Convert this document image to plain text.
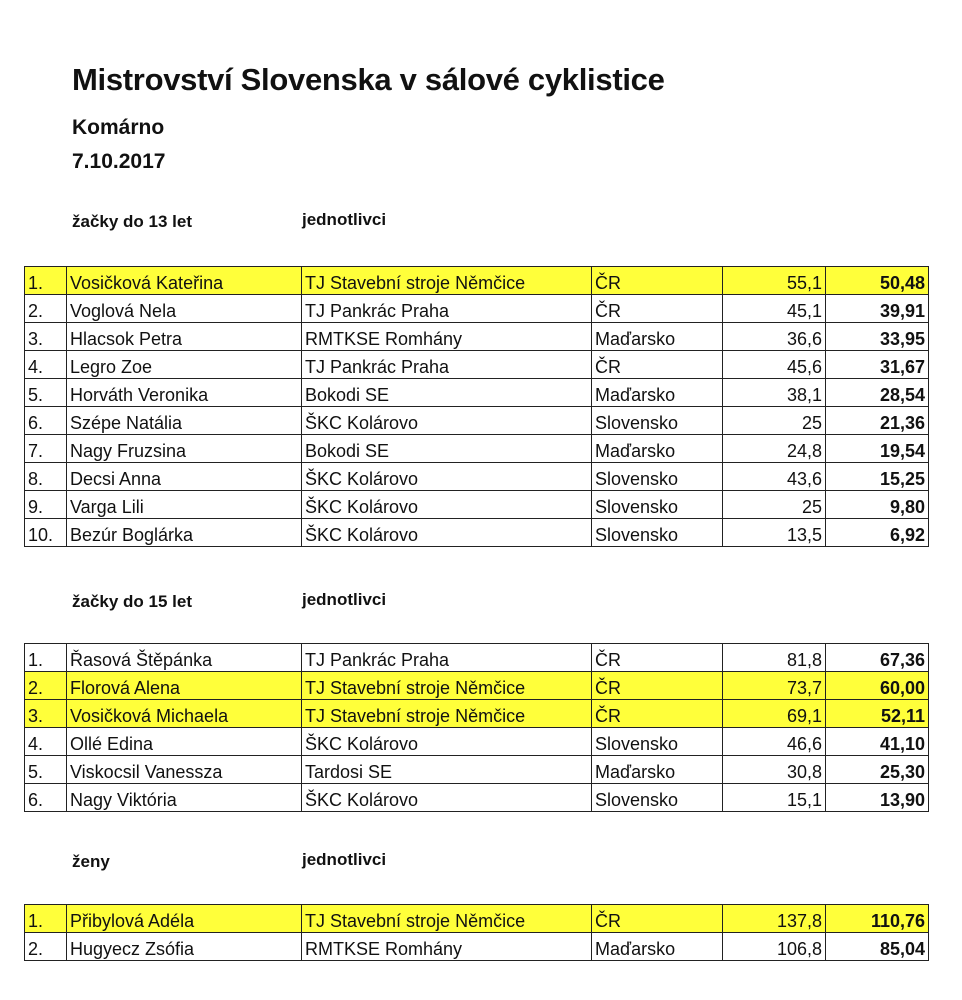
Mistrovství Slovenska v sálové cyklistice
Komárno
7.10.2017
žačky do 13 let	jednotlivci
1.	Vosičková Kateřina	TJ Stavební stroje Němčice	ČR	55,1	50,48
2.	Voglová Nela	TJ Pankrác Praha	ČR	45,1	39,91
3.	Hlacsok Petra	RMTKSE Romhány	Maďarsko	36,6	33,95
4.	Legro Zoe	TJ Pankrác Praha	ČR	45,6	31,67
5.	Horváth Veronika	Bokodi SE	Maďarsko	38,1	28,54
6.	Szépe Natália	ŠKC Kolárovo	Slovensko	25	21,36
7.	Nagy Fruzsina	Bokodi SE	Maďarsko	24,8	19,54
8.	Decsi Anna	ŠKC Kolárovo	Slovensko	43,6	15,25
9.	Varga Lili	ŠKC Kolárovo	Slovensko	25	9,80
10.	Bezúr Boglárka	ŠKC Kolárovo	Slovensko	13,5	6,92
žačky do 15 let	jednotlivci
1.	Řasová Štěpánka	TJ Pankrác Praha	ČR	81,8	67,36
2.	Florová Alena	TJ Stavební stroje Němčice	ČR	73,7	60,00
3.	Vosičková Michaela	TJ Stavební stroje Němčice	ČR	69,1	52,11
4.	Ollé Edina	ŠKC Kolárovo	Slovensko	46,6	41,10
5.	Viskocsil Vanessza	Tardosi SE	Maďarsko	30,8	25,30
6.	Nagy Viktória	ŠKC Kolárovo	Slovensko	15,1	13,90
ženy	jednotlivci
1.	Přibylová Adéla	TJ Stavební stroje Němčice	ČR	137,8	110,76
2.	Hugyecz Zsófia	RMTKSE Romhány	Maďarsko	106,8	85,04
